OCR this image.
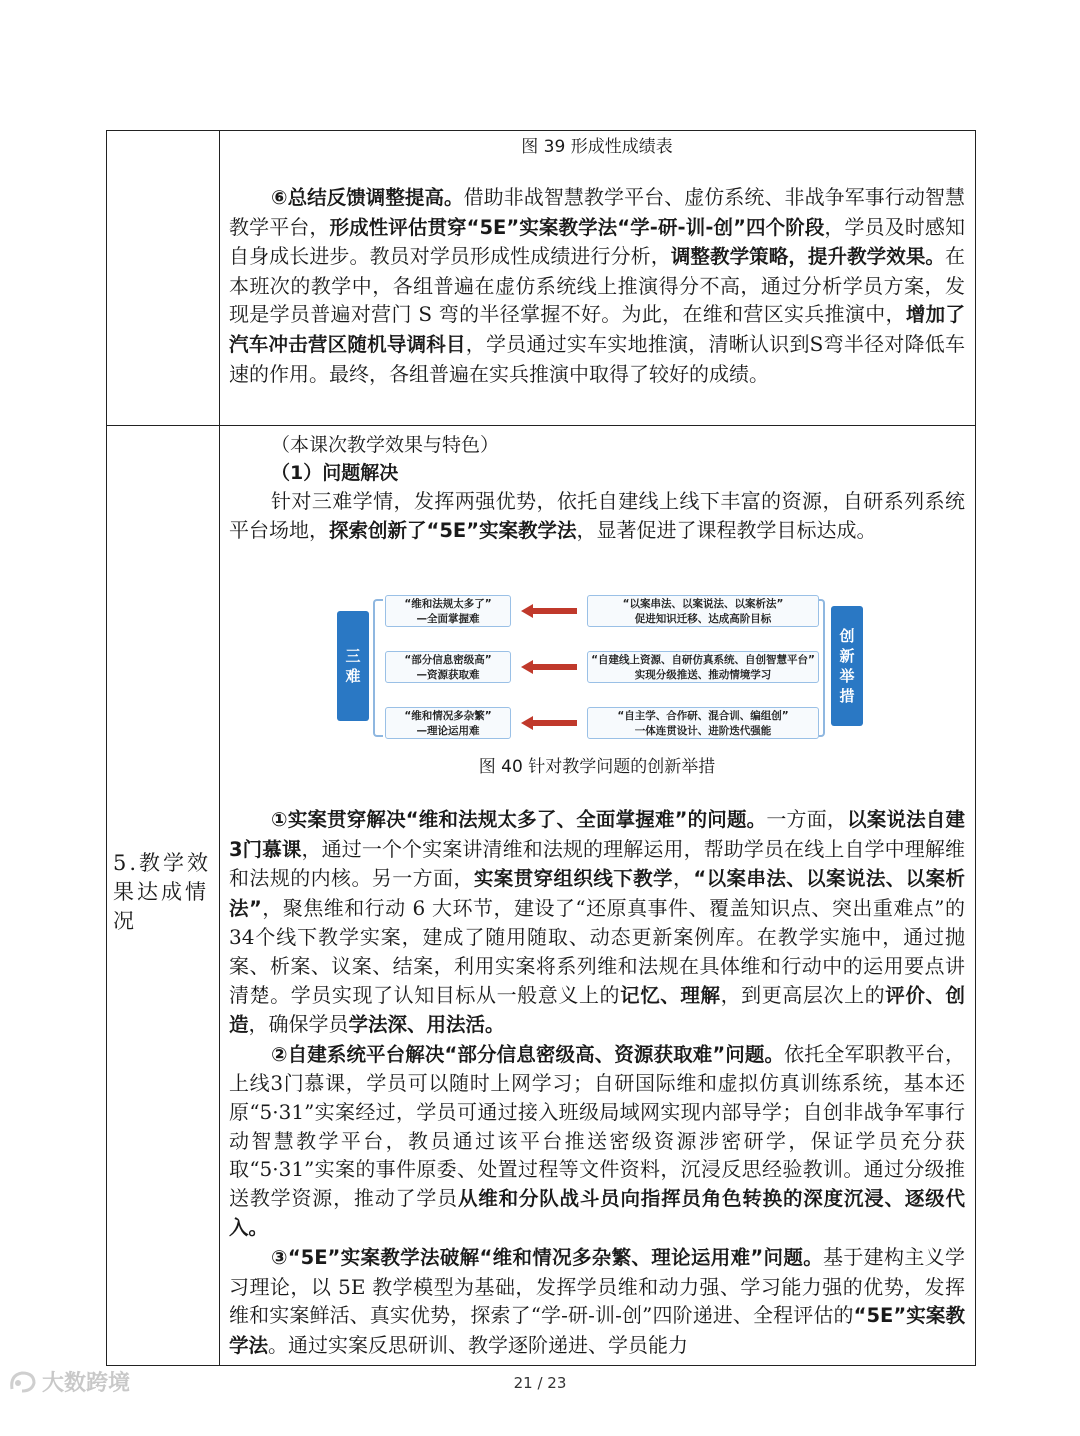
5.教学效果达成情况
图 39 形成性成绩表

⑥总结反馈调整提高。借助非战智慧教学平台、虚仿系统、非战争军事行动智慧教学平台，形成性评估贯穿“5E”实案教学法“学-研-训-创”四个阶段，学员及时感知自身成长进步。教员对学员形成性成绩进行分析，调整教学策略，提升教学效果。在本班次的教学中，各组普遍在虚仿系统线上推演得分不高，通过分析学员方案，发现是学员普遍对营门 S 弯的半径掌握不好。为此，在维和营区实兵推演中，增加了汽车冲击营区随机导调科目，学员通过实车实地推演，清晰认识到S弯半径对降低车速的作用。最终，各组普遍在实兵推演中取得了较好的成绩。

（本课次教学效果与特色）
（1）问题解决

针对三难学情，发挥两强优势，依托自建线上线下丰富的资源，自研系列系统平台场地，探索创新了“5E”实案教学法，显著促进了课程教学目标达成。

三
难
创
新
举
措
“维和法规太多了”
—全面掌握难
“部分信息密级高”
—资源获取难
“维和情况多杂繁”
—理论运用难
“以案串法、以案说法、以案析法”
促进知识迁移、达成高阶目标
“自建线上资源、自研仿真系统、自创智慧平台”
实现分级推送、推动情境学习
“自主学、合作研、混合训、编组创”
一体连贯设计、进阶迭代强能
图 40 针对教学问题的创新举措

①实案贯穿解决“维和法规太多了、全面掌握难”的问题。一方面，以案说法自建3门慕课，通过一个个实案讲清维和法规的理解运用，帮助学员在线上自学中理解维和法规的内核。另一方面，实案贯穿组织线下教学，“以案串法、以案说法、以案析法”，聚焦维和行动 6 大环节，建设了“还原真事件、覆盖知识点、突出重难点”的34个线下教学实案，建成了随用随取、动态更新案例库。在教学实施中，通过抛案、析案、议案、结案，利用实案将系列维和法规在具体维和行动中的运用要点讲清楚。学员实现了认知目标从一般意义上的记忆、理解，到更高层次上的评价、创造，确保学员学法深、用法活。

②自建系统平台解决“部分信息密级高、资源获取难”问题。依托全军职教平台，上线3门慕课，学员可以随时上网学习；自研国际维和虚拟仿真训练系统，基本还原“5·31”实案经过，学员可通过接入班级局域网实现内部导学；自创非战争军事行动智慧教学平台，教员通过该平台推送密级资源涉密研学，保证学员充分获取“5·31”实案的事件原委、处置过程等文件资料，沉浸反思经验教训。通过分级推送教学资源，推动了学员从维和分队战斗员向指挥员角色转换的深度沉浸、逐级代入。

③“5E”实案教学法破解“维和情况多杂繁、理论运用难”问题。基于建构主义学习理论，以 5E 教学模型为基础，发挥学员维和动力强、学习能力强的优势，发挥维和实案鲜活、真实优势，探索了“学-研-训-创”四阶递进、全程评估的“5E”实案教学法。通过实案反思研训、教学逐阶递进、学员能力

大数跨境	21 / 23
